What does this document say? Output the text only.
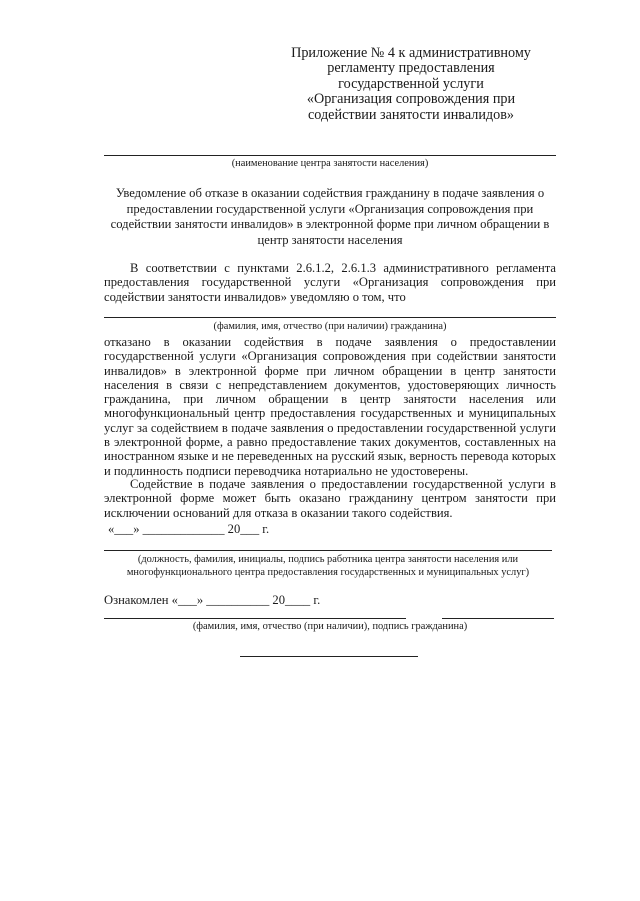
Приложение № 4 к административному
регламенту предоставления
государственной услуги
«Организация сопровождения при
содействии занятости инвалидов»
(наименование центра занятости населения)
Уведомление об отказе в оказании содействия гражданину в подаче заявления о
предоставлении государственной услуги «Организация сопровождения при
содействии занятости инвалидов» в электронной форме при личном обращении в
центр занятости населения
В соответствии с пунктами 2.6.1.2, 2.6.1.3 административного регламента
предоставления государственной услуги «Организация сопровождения при
содействии занятости инвалидов» уведомляю о том, что
(фамилия, имя, отчество (при наличии) гражданина)
отказано в оказании содействия в подаче заявления о предоставлении
государственной услуги «Организация сопровождения при содействии занятости
инвалидов» в электронной форме при личном обращении в центр занятости
населения в связи с непредставлением документов, удостоверяющих личность
гражданина, при личном обращении в центр занятости населения или
многофункциональный центр предоставления государственных и муниципальных
услуг за содействием в подаче заявления о предоставлении государственной услуги
в электронной форме, а равно предоставление таких документов, составленных на
иностранном языке и не переведенных на русский язык, верность перевода которых
и подлинность подписи переводчика нотариально не удостоверены.
Содействие в подаче заявления о предоставлении государственной услуги в
электронной форме может быть оказано гражданину центром занятости при
исключении оснований для отказа в оказании такого содействия.
«___» _____________ 20___ г.
(должность, фамилия, инициалы, подпись работника центра занятости населения или
многофункционального центра предоставления государственных и муниципальных услуг)
Ознакомлен «___» __________ 20____ г.
(фамилия, имя, отчество (при наличии), подпись гражданина)
